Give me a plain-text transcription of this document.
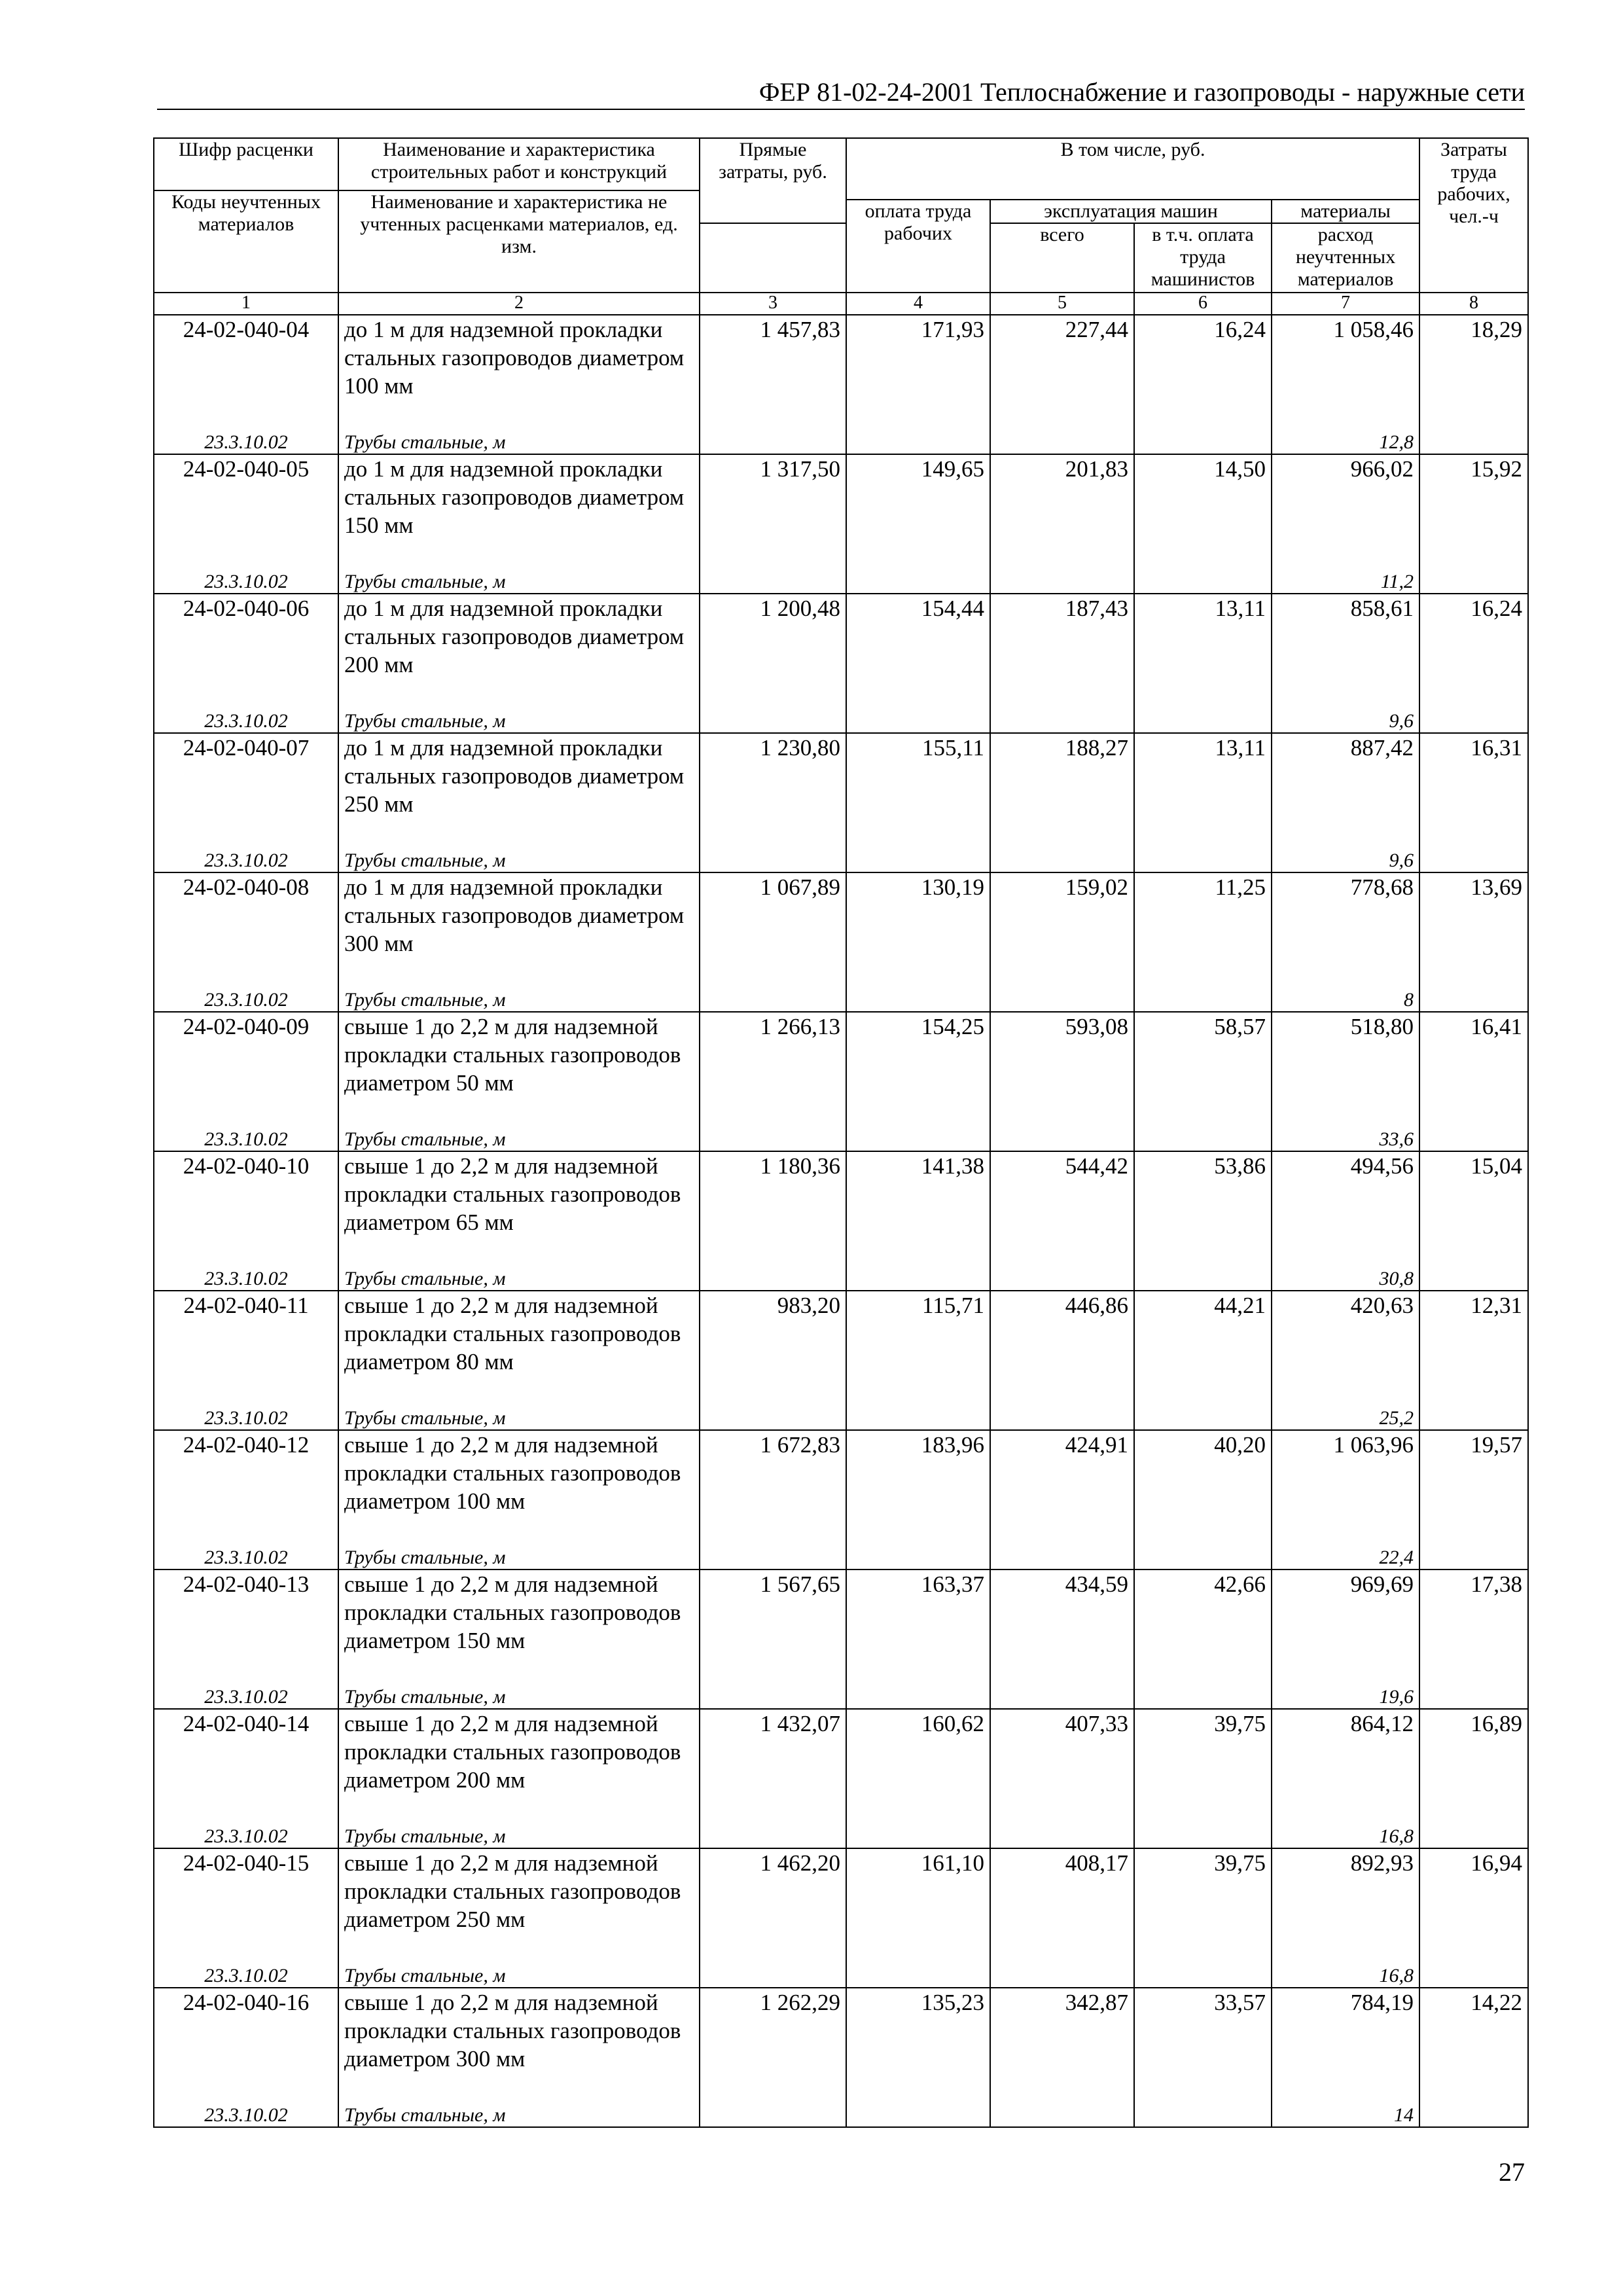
ФЕР 81-02-24-2001 Теплоснабжение и газопроводы - наружные сети
Шифр расценки	Наименование и характеристика строительных работ и конструкций	Прямые затраты, руб.	В том числе, руб.				Затраты труда рабочих, чел.-ч
Коды неучтенных материалов	Наименование и характеристика не учтенных расценками материалов, ед. изм.						
			оплата труда рабочих	эксплуатация машин		материалы	
				всего	в т.ч. оплата труда машинистов	расход неучтенных материалов	
1	2	3	4	5	6	7	8
24-02-040-04	до 1 м для надземной прокладки стальных газопроводов диаметром 100 мм	1 457,83	171,93	227,44	16,24	1 058,46	18,29
23.3.10.02	Трубы стальные, м					12,8	
24-02-040-05	до 1 м для надземной прокладки стальных газопроводов диаметром 150 мм	1 317,50	149,65	201,83	14,50	966,02	15,92
23.3.10.02	Трубы стальные, м					11,2	
24-02-040-06	до 1 м для надземной прокладки стальных газопроводов диаметром 200 мм	1 200,48	154,44	187,43	13,11	858,61	16,24
23.3.10.02	Трубы стальные, м					9,6	
24-02-040-07	до 1 м для надземной прокладки стальных газопроводов диаметром 250 мм	1 230,80	155,11	188,27	13,11	887,42	16,31
23.3.10.02	Трубы стальные, м					9,6	
24-02-040-08	до 1 м для надземной прокладки стальных газопроводов диаметром 300 мм	1 067,89	130,19	159,02	11,25	778,68	13,69
23.3.10.02	Трубы стальные, м					8	
24-02-040-09	свыше 1 до 2,2 м для надземной прокладки стальных газопроводов диаметром 50 мм	1 266,13	154,25	593,08	58,57	518,80	16,41
23.3.10.02	Трубы стальные, м					33,6	
24-02-040-10	свыше 1 до 2,2 м для надземной прокладки стальных газопроводов диаметром 65 мм	1 180,36	141,38	544,42	53,86	494,56	15,04
23.3.10.02	Трубы стальные, м					30,8	
24-02-040-11	свыше 1 до 2,2 м для надземной прокладки стальных газопроводов диаметром 80 мм	983,20	115,71	446,86	44,21	420,63	12,31
23.3.10.02	Трубы стальные, м					25,2	
24-02-040-12	свыше 1 до 2,2 м для надземной прокладки стальных газопроводов диаметром 100 мм	1 672,83	183,96	424,91	40,20	1 063,96	19,57
23.3.10.02	Трубы стальные, м					22,4	
24-02-040-13	свыше 1 до 2,2 м для надземной прокладки стальных газопроводов диаметром 150 мм	1 567,65	163,37	434,59	42,66	969,69	17,38
23.3.10.02	Трубы стальные, м					19,6	
24-02-040-14	свыше 1 до 2,2 м для надземной прокладки стальных газопроводов диаметром 200 мм	1 432,07	160,62	407,33	39,75	864,12	16,89
23.3.10.02	Трубы стальные, м					16,8	
24-02-040-15	свыше 1 до 2,2 м для надземной прокладки стальных газопроводов диаметром 250 мм	1 462,20	161,10	408,17	39,75	892,93	16,94
23.3.10.02	Трубы стальные, м					16,8	
24-02-040-16	свыше 1 до 2,2 м для надземной прокладки стальных газопроводов диаметром 300 мм	1 262,29	135,23	342,87	33,57	784,19	14,22
23.3.10.02	Трубы стальные, м					14	
27
